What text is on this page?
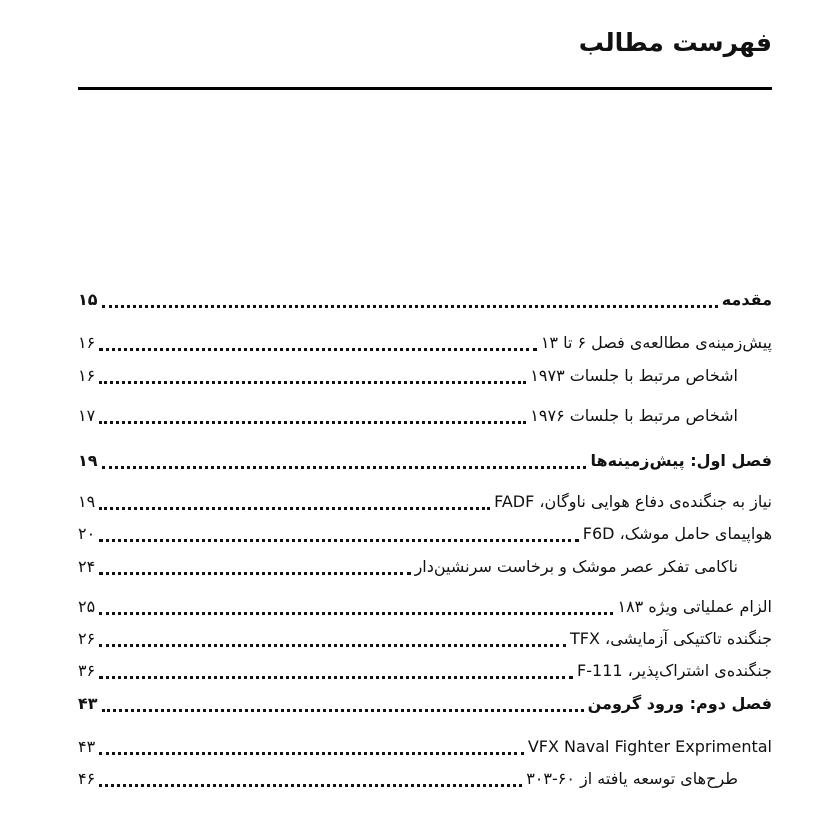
فهرست مطالب
مقدمه
۱۵
پیش‌زمینه‌ی مطالعه‌ی فصل ۶ تا ۱۳
۱۶
اشخاص مرتبط با جلسات ۱۹۷۳
۱۶
اشخاص مرتبط با جلسات ۱۹۷۶
۱۷
فصل اول: پیش‌زمینه‌ها
۱۹
نیاز به جنگنده‌ی دفاع هوایی ناوگان، FADF
۱۹
هواپیمای حامل موشک، F6D
۲۰
ناکامی تفکر عصر موشک و برخاست سرنشین‌دار
۲۴
الزام عملیاتی ویژه ۱۸۳
۲۵
جنگنده تاکتیکی آزمایشی، TFX
۲۶
جنگنده‌ی اشتراک‌پذیر، F-111
۳۶
فصل دوم: ورود گرومن
۴۳
VFX Naval Fighter Exprimental
۴۳
طرح‌های توسعه یافته از ۶۰-۳۰۳
۴۶
